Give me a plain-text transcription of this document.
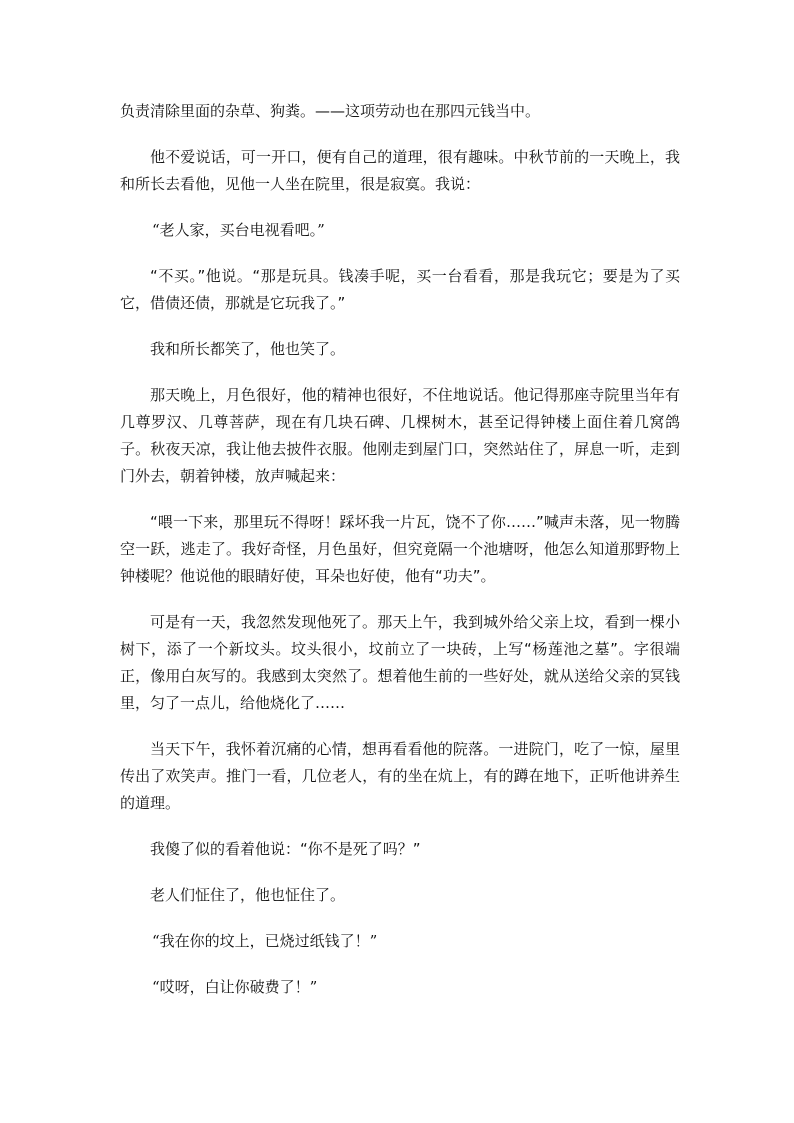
负责清除里面的杂草、狗粪。——这项劳动也在那四元钱当中。

他不爱说话，可一开口，便有自己的道理，很有趣味。中秋节前的一天晚上，我和所长去看他，见他一人坐在院里，很是寂寞。我说：

“老人家，买台电视看吧。”

“不买。”他说。“那是玩具。钱凑手呢，买一台看看，那是我玩它；要是为了买它，借债还债，那就是它玩我了。”

我和所长都笑了，他也笑了。

那天晚上，月色很好，他的精神也很好，不住地说话。他记得那座寺院里当年有几尊罗汉、几尊菩萨，现在有几块石碑、几棵树木，甚至记得钟楼上面住着几窝鸽子。秋夜天凉，我让他去披件衣服。他刚走到屋门口，突然站住了，屏息一听，走到门外去，朝着钟楼，放声喊起来：

“喂一下来，那里玩不得呀！踩坏我一片瓦，饶不了你……”喊声未落，见一物腾空一跃，逃走了。我好奇怪，月色虽好，但究竟隔一个池塘呀，他怎么知道那野物上钟楼呢？他说他的眼睛好使，耳朵也好使，他有“功夫”。

可是有一天，我忽然发现他死了。那天上午，我到城外给父亲上坟，看到一棵小树下，添了一个新坟头。坟头很小，坟前立了一块砖，上写“杨莲池之墓”。字很端正，像用白灰写的。我感到太突然了。想着他生前的一些好处，就从送给父亲的冥钱里，匀了一点儿，给他烧化了……

当天下午，我怀着沉痛的心情，想再看看他的院落。一进院门，吃了一惊，屋里传出了欢笑声。推门一看，几位老人，有的坐在炕上，有的蹲在地下，正听他讲养生的道理。

我傻了似的看着他说：“你不是死了吗？”

老人们怔住了，他也怔住了。

“我在你的坟上，已烧过纸钱了！”

“哎呀，白让你破费了！”
